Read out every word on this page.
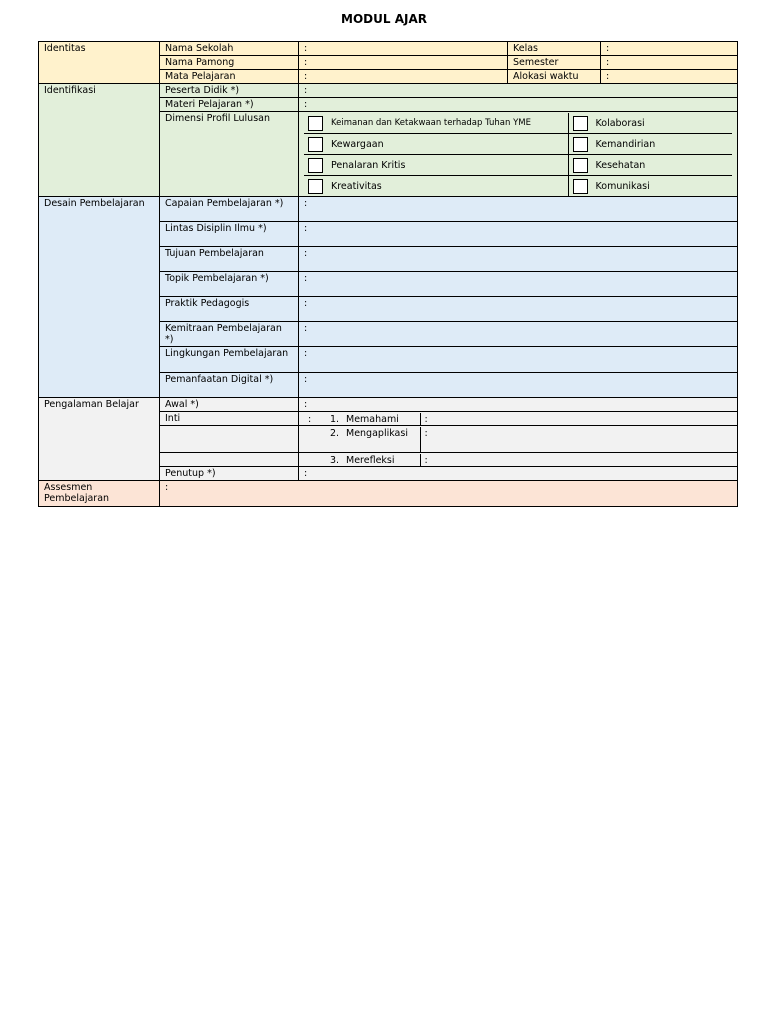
MODUL AJAR
Identitas	Nama Sekolah	:	Kelas	:
Nama Pamong	:	Semester	:
Mata Pelajaran	:	Alokasi waktu	:
Identifikasi	Peserta Didik *)	:
Materi Pelajaran *)	:
Dimensi Profil Lulusan		Keimanan dan Ketakwaan terhadap Tuhan YME	Kolaborasi
Kewargaan	Kemandirian
Penalaran Kritis	Kesehatan
Kreativitas	Komunikasi

Desain Pembelajaran	Capaian Pembelajaran *)	:
Lintas Disiplin Ilmu *)	:
Tujuan Pembelajaran	:
Topik Pembelajaran *)	:
Praktik Pedagogis	:
Kemitraan Pembelajaran *)	:
Lingkungan Pembelajaran	:
Pemanfaatan Digital *)	:
Pengalaman Belajar	Awal *)	:
Inti		:	1. Memahami	:

	2. Mengaplikasi	:

	3. Merefleksi	:

Penutup *)	:
Assesmen Pembelajaran	:
